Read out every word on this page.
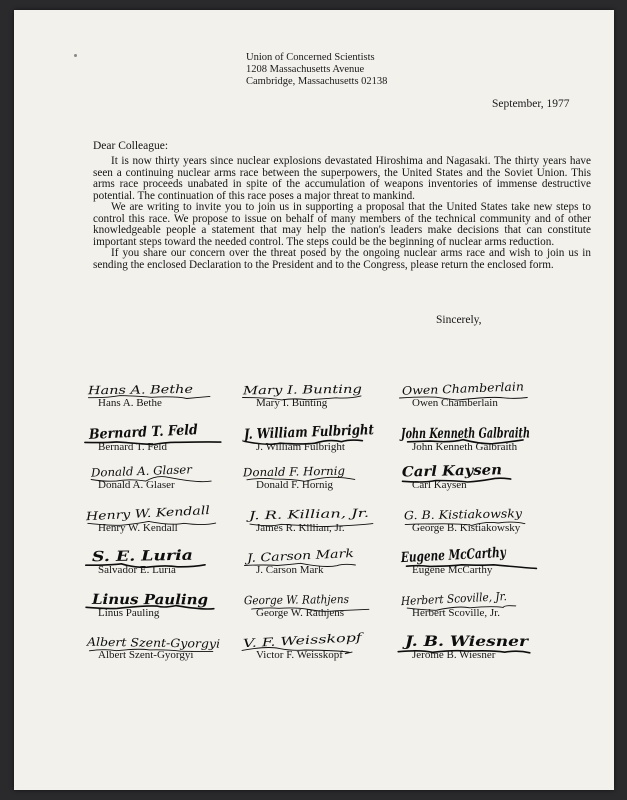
Union of Concerned Scientists
1208 Massachusetts Avenue
Cambridge, Massachusetts 02138
September, 1977
Dear Colleague:

It is now thirty years since nuclear explosions devastated Hiroshima and Nagasaki. The thirty years have seen a continuing nuclear arms race between the superpowers, the United States and the Soviet Union. This arms race proceeds unabated in spite of the accumulation of weapons inventories of immense destructive potential. The continuation of this race poses a major threat to mankind.

We are writing to invite you to join us in supporting a proposal that the United States take new steps to control this race. We propose to issue on behalf of many members of the technical community and of other knowledgeable people a statement that may help the nation's leaders make decisions that can constitute important steps toward the needed control. The steps could be the beginning of nuclear arms reduction.

If you share our concern over the threat posed by the ongoing nuclear arms race and wish to join us in sending the enclosed Declaration to the President and to the Congress, please return the enclosed form.

Sincerely,
Hans A. Bethe
Hans A. Bethe
Mary I. Bunting
Mary I. Bunting
Owen Chamberlain
Owen Chamberlain
Bernard T. Feld
Bernard T. Feld
J. William Fulbright
J. William Fulbright
John Kenneth Galbraith
John Kenneth Galbraith
Donald A. Glaser
Donald A. Glaser
Donald F. Hornig
Donald F. Hornig
Carl Kaysen
Carl Kaysen
Henry W. Kendall
Henry W. Kendall
J. R. Killian, Jr.
James R. Killian, Jr.
G. B. Kistiakowsky
George B. Kistiakowsky
S. E. Luria
Salvador E. Luria
J. Carson Mark
J. Carson Mark
Eugene McCarthy
Eugene McCarthy
Linus Pauling
Linus Pauling
George W. Rathjens
George W. Rathjens
Herbert Scoville, Jr.
Herbert Scoville, Jr.
Albert Szent-Gyorgyi
Albert Szent-Gyorgyi
V. F. Weisskopf
Victor F. Weisskopf
J. B. Wiesner
Jerome B. Wiesner
